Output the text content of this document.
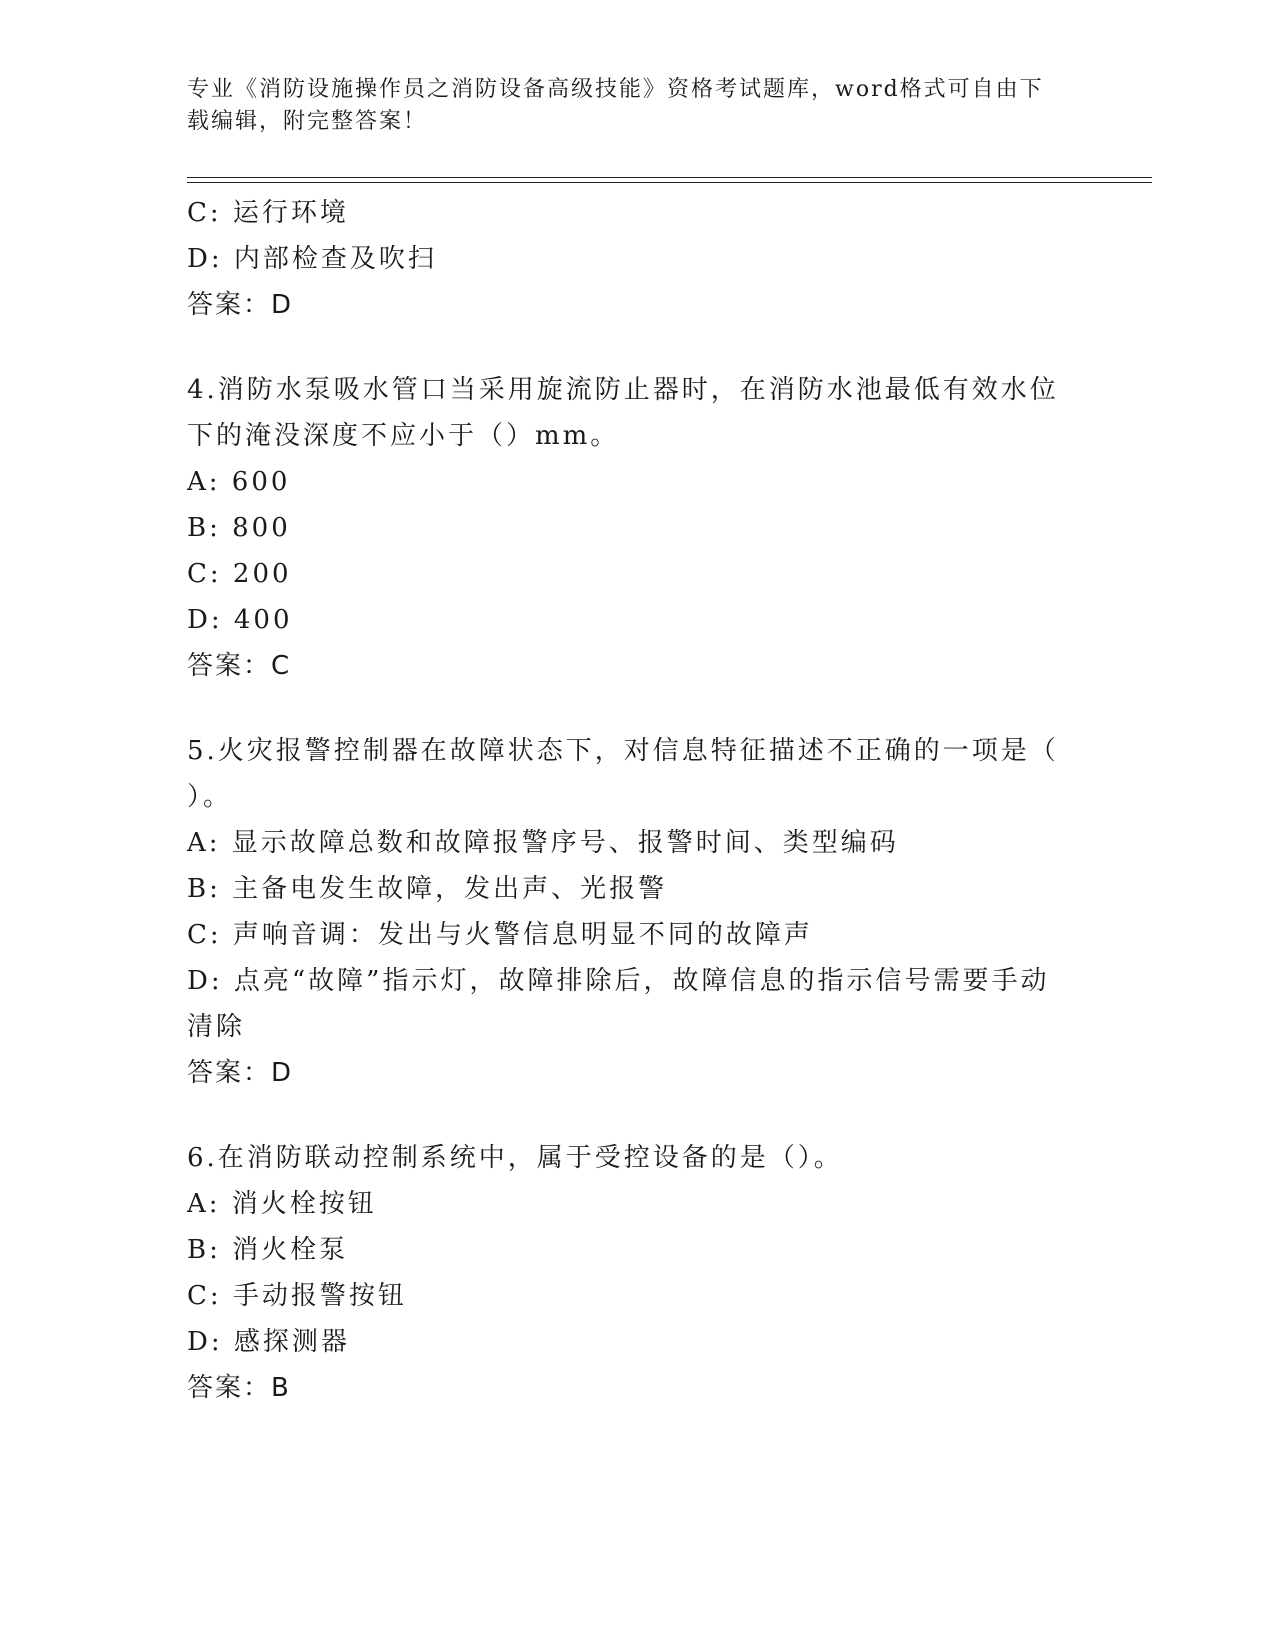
专业《消防设施操作员之消防设备高级技能》资格考试题库，word格式可自由下
载编辑，附完整答案！

C: 运行环境

D: 内部检查及吹扫

答案：D

4.消防水泵吸水管口当采用旋流防止器时，在消防水池最低有效水位

下的淹没深度不应小于（）mm。

A: 600

B: 800

C: 200

D: 400

答案：C

5.火灾报警控制器在故障状态下，对信息特征描述不正确的一项是（

）。

A: 显示故障总数和故障报警序号、报警时间、类型编码

B: 主备电发生故障，发出声、光报警

C: 声响音调：发出与火警信息明显不同的故障声

D: 点亮“故障”指示灯，故障排除后，故障信息的指示信号需要手动

清除

答案：D

6.在消防联动控制系统中，属于受控设备的是（）。

A: 消火栓按钮

B: 消火栓泵

C: 手动报警按钮

D: 感探测器

答案：B
